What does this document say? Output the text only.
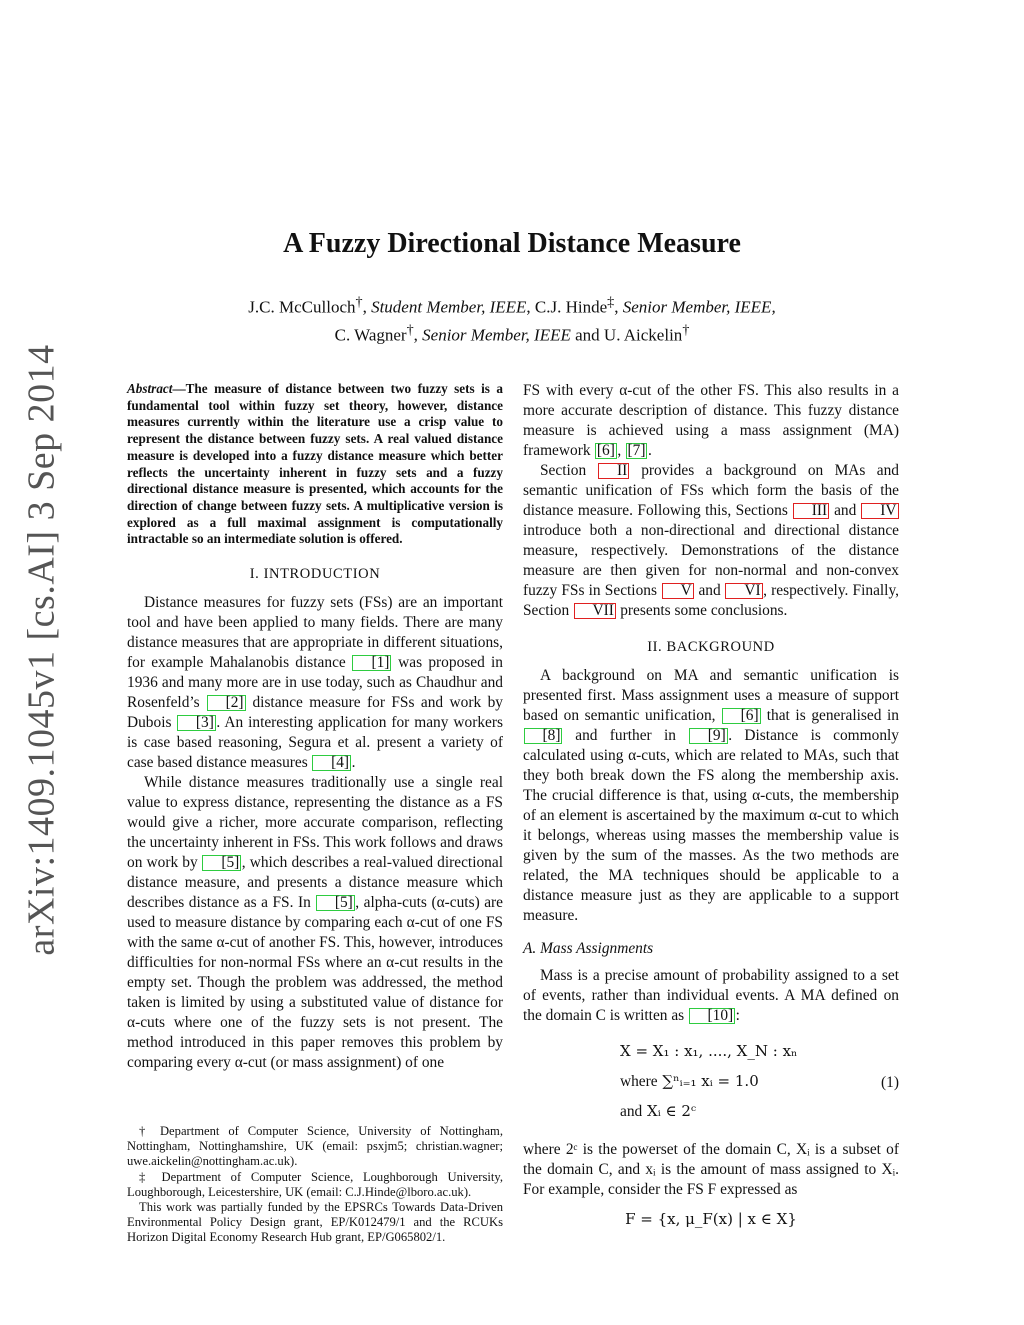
arXiv:1409.1045v1 [cs.AI] 3 Sep 2014
A Fuzzy Directional Distance Measure
J.C. McCulloch†, Student Member, IEEE, C.J. Hinde‡, Senior Member, IEEE,
C. Wagner†, Senior Member, IEEE and U. Aickelin†

Abstract—The measure of distance between two fuzzy sets is a fundamental tool within fuzzy set theory, however, distance measures currently within the literature use a crisp value to represent the distance between fuzzy sets. A real valued distance measure is developed into a fuzzy distance measure which better reflects the uncertainty inherent in fuzzy sets and a fuzzy directional distance measure is presented, which accounts for the direction of change between fuzzy sets. A multiplicative version is explored as a full maximal assignment is computationally intractable so an intermediate solution is offered.

I. INTRODUCTION

Distance measures for fuzzy sets (FSs) are an important tool and have been applied to many fields. There are many distance measures that are appropriate in different situations, for example Mahalanobis distance [1] was proposed in 1936 and many more are in use today, such as Chaudhur and Rosenfeld’s [2] distance measure for FSs and work by Dubois [3] . An interesting application for many workers is case based reasoning, Segura et al. present a variety of case based distance measures [4] .

While distance measures traditionally use a single real value to express distance, representing the distance as a FS would give a richer, more accurate comparison, reflecting the uncertainty inherent in FSs. This work follows and draws on work by [5] , which describes a real-valued directional distance measure, and presents a distance measure which describes distance as a FS. In [5] , alpha-cuts (α-cuts) are used to measure distance by comparing each α-cut of one FS with the same α-cut of another FS. This, however, introduces difficulties for non-normal FSs where an α-cut results in the empty set. Though the problem was addressed, the method taken is limited by using a substituted value of distance for α-cuts where one of the fuzzy sets is not present. The method introduced in this paper removes this problem by comparing every α-cut (or mass assignment) of one

† Department of Computer Science, University of Nottingham, Nottingham, Nottinghamshire, UK (email: psxjm5; christian.wagner; uwe.aickelin@nottingham.ac.uk).

‡ Department of Computer Science, Loughborough University, Loughborough, Leicestershire, UK (email: C.J.Hinde@lboro.ac.uk).

This work was partially funded by the EPSRCs Towards Data-Driven Environmental Policy Design grant, EP/K012479/1 and the RCUKs Horizon Digital Economy Research Hub grant, EP/G065802/1.

FS with every α-cut of the other FS. This also results in a more accurate description of distance. This fuzzy distance measure is achieved using a mass assignment (MA) framework [6] , [7] .

Section II provides a background on MAs and semantic unification of FSs which form the basis of the distance measure. Following this, Sections III and IV introduce both a non-directional and directional distance measure, respectively. Demonstrations of the distance measure are then given for non-normal and non-convex fuzzy FSs in Sections V and VI , respectively. Finally, Section VII presents some conclusions.

II. BACKGROUND

A background on MA and semantic unification is presented first. Mass assignment uses a measure of support based on semantic unification, [6] that is generalised in [8] and further in [9] . Distance is commonly calculated using α-cuts, which are related to MAs, such that they both break down the FS along the membership axis. The crucial difference is that, using α-cuts, the membership of an element is ascertained by the maximum α-cut to which it belongs, whereas using masses the membership value is given by the sum of the masses. As the two methods are related, the MA techniques should be applicable to a distance measure just as they are applicable to a support measure.

A. Mass Assignments

Mass is a precise amount of probability assigned to a set of events, rather than individual events. A MA defined on the domain C is written as [10] :

X = X₁ : x₁, ...., X_N : xₙ
where ∑ⁿᵢ₌₁ xᵢ = 1.0
and Xᵢ ∈ 2ᶜ
(1)

where 2ᶜ is the powerset of the domain C, Xᵢ is a subset of the domain C, and xᵢ is the amount of mass assigned to Xᵢ. For example, consider the FS F expressed as

F = {x, μ_F(x) | x ∈ X}
